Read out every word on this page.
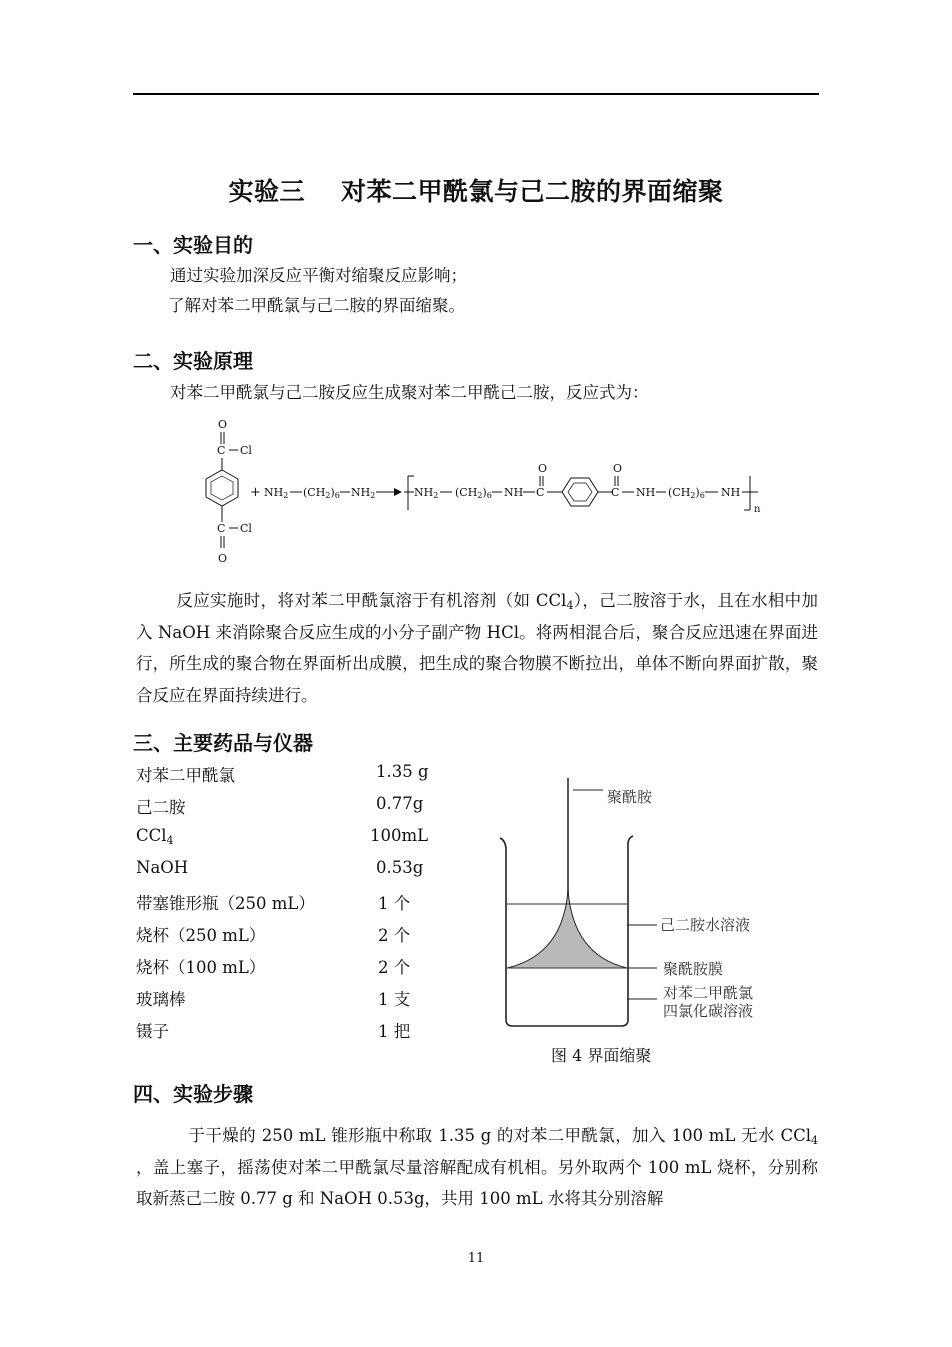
实验三 对苯二甲酰氯与己二胺的界面缩聚
一、实验目的
通过实验加深反应平衡对缩聚反应影响；
了解对苯二甲酰氯与己二胺的界面缩聚。
二、实验原理
对苯二甲酰氯与己二胺反应生成聚对苯二甲酰己二胺，反应式为：
O
C Cl
C Cl
O
+ NH2 (CH2)6 NH2	NH2 (CH2)6 NH
O
C
O
C NH (CH2)6 NH
n
反应实施时，将对苯二甲酰氯溶于有机溶剂（如 CCl$_4$），己二胺溶于水，且在水相中加入 NaOH 来消除聚合反应生成的小分子副产物 HCl。将两相混合后，聚合反应迅速在界面进行，所生成的聚合物在界面析出成膜，把生成的聚合物膜不断拉出，单体不断向界面扩散，聚合反应在界面持续进行。
三、主要药品与仪器
对苯二甲酰氯	1.35 g
己二胺	0.77g
CCl$_4$	100mL
NaOH	0.53g
带塞锥形瓶（250 mL）	1 个
烧杯（250 mL）	2 个
烧杯（100 mL）	2 个
玻璃棒	1 支
镊子	1 把
聚酰胺
己二胺水溶液
聚酰胺膜
对苯二甲酰氯
四氯化碳溶液
图 4 界面缩聚
四、实验步骤
于干燥的 250 mL 锥形瓶中称取 1.35 g 的对苯二甲酰氯，加入 100 mL 无水 CCl$_4$ ，盖上塞子，摇荡使对苯二甲酰氯尽量溶解配成有机相。另外取两个 100 mL 烧杯，分别称取新蒸己二胺 0.77 g 和 NaOH 0.53g，共用 100 mL 水将其分别溶解
11
